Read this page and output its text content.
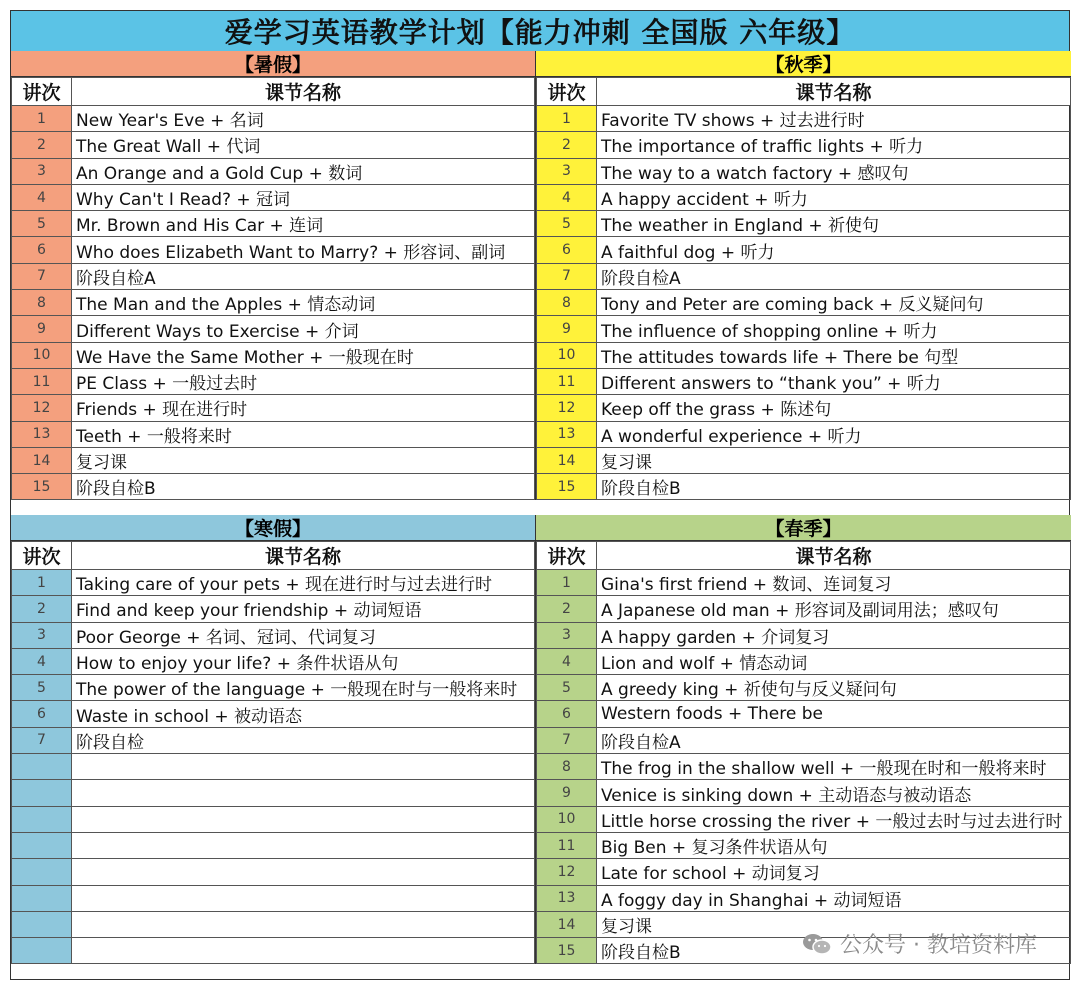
爱学习英语教学计划【能力冲刺 全国版 六年级】
【暑假】
讲次	课节名称
1	New Year's Eve + 名词
2	The Great Wall + 代词
3	An Orange and a Gold Cup + 数词
4	Why Can't I Read? + 冠词
5	Mr. Brown and His Car + 连词
6	Who does Elizabeth Want to Marry? + 形容词、副词
7	阶段自检A
8	The Man and the Apples + 情态动词
9	Different Ways to Exercise + 介词
10	We Have the Same Mother + 一般现在时
11	PE Class + 一般过去时
12	Friends + 现在进行时
13	Teeth + 一般将来时
14	复习课
15	阶段自检B
【秋季】
讲次	课节名称
1	Favorite TV shows + 过去进行时
2	The importance of traffic lights + 听力
3	The way to a watch factory + 感叹句
4	A happy accident + 听力
5	The weather in England + 祈使句
6	A faithful dog + 听力
7	阶段自检A
8	Tony and Peter are coming back + 反义疑问句
9	The influence of shopping online + 听力
10	The attitudes towards life + There be 句型
11	Different answers to “thank you” + 听力
12	Keep off the grass + 陈述句
13	A wonderful experience + 听力
14	复习课
15	阶段自检B
【寒假】
讲次	课节名称
1	Taking care of your pets + 现在进行时与过去进行时
2	Find and keep your friendship + 动词短语
3	Poor George + 名词、冠词、代词复习
4	How to enjoy your life? + 条件状语从句
5	The power of the language + 一般现在时与一般将来时
6	Waste in school + 被动语态
7	阶段自检

【春季】
讲次	课节名称
1	Gina's first friend + 数词、连词复习
2	A Japanese old man + 形容词及副词用法；感叹句
3	A happy garden + 介词复习
4	Lion and wolf + 情态动词
5	A greedy king + 祈使句与反义疑问句
6	Western foods + There be
7	阶段自检A
8	The frog in the shallow well + 一般现在时和一般将来时
9	Venice is sinking down + 主动语态与被动语态
10	Little horse crossing the river + 一般过去时与过去进行时
11	Big Ben + 复习条件状语从句
12	Late for school + 动词复习
13	A foggy day in Shanghai + 动词短语
14	复习课
15	阶段自检B	公众号 · 教培资料库
